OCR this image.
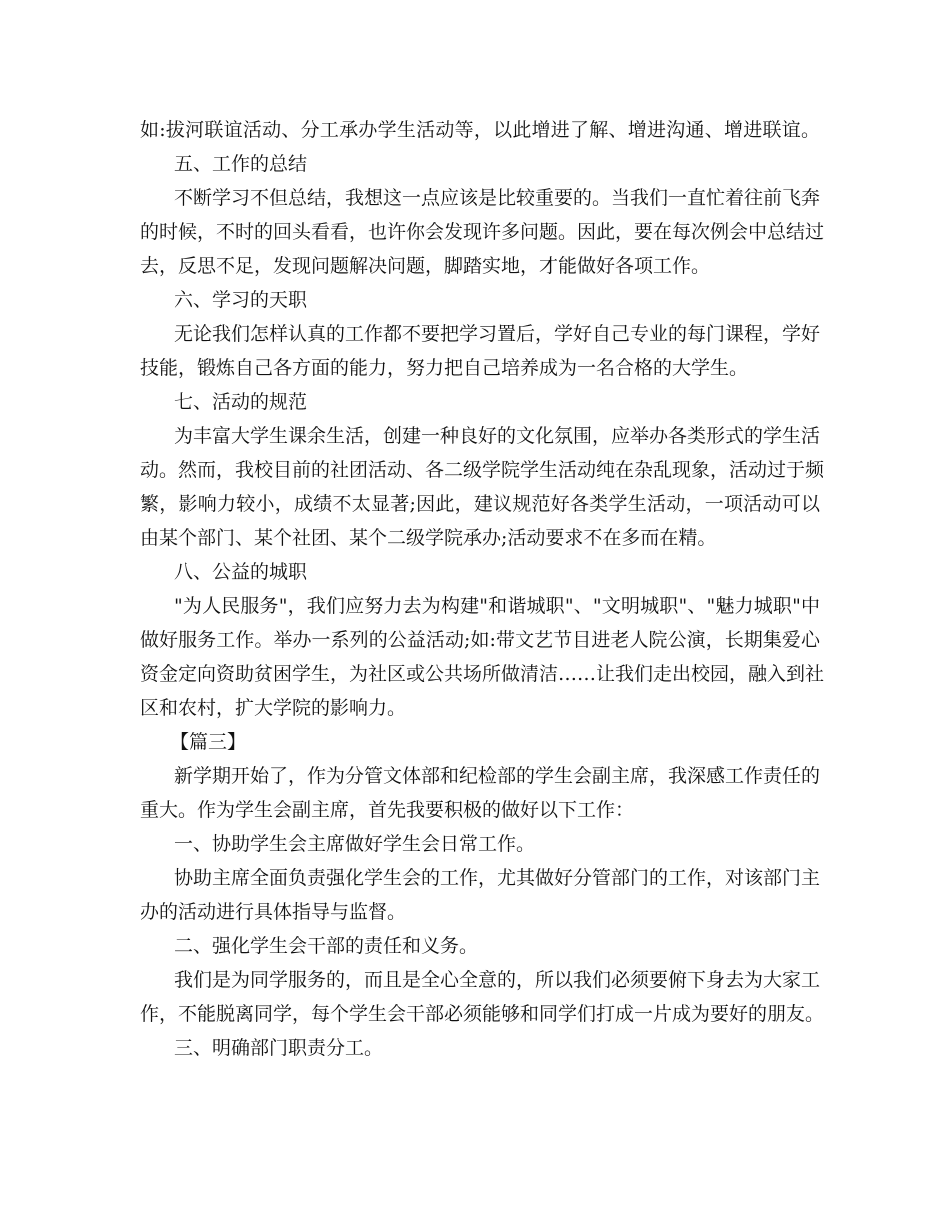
如:拔河联谊活动、分工承办学生活动等，以此增进了解、增进沟通、增进联谊。
五、工作的总结
不断学习不但总结，我想这一点应该是比较重要的。当我们一直忙着往前飞奔
的时候，不时的回头看看，也许你会发现许多问题。因此，要在每次例会中总结过
去，反思不足，发现问题解决问题，脚踏实地，才能做好各项工作。
六、学习的天职
无论我们怎样认真的工作都不要把学习置后，学好自己专业的每门课程，学好
技能，锻炼自己各方面的能力，努力把自己培养成为一名合格的大学生。
七、活动的规范
为丰富大学生课余生活，创建一种良好的文化氛围，应举办各类形式的学生活
动。然而，我校目前的社团活动、各二级学院学生活动纯在杂乱现象，活动过于频
繁，影响力较小，成绩不太显著;因此，建议规范好各类学生活动，一项活动可以
由某个部门、某个社团、某个二级学院承办;活动要求不在多而在精。
八、公益的城职
"为人民服务"，我们应努力去为构建"和谐城职"、"文明城职"、"魅力城职"中
做好服务工作。举办一系列的公益活动;如:带文艺节目进老人院公演，长期集爱心
资金定向资助贫困学生，为社区或公共场所做清洁……让我们走出校园，融入到社
区和农村，扩大学院的影响力。
【篇三】
新学期开始了，作为分管文体部和纪检部的学生会副主席，我深感工作责任的
重大。作为学生会副主席，首先我要积极的做好以下工作：
一、协助学生会主席做好学生会日常工作。
协助主席全面负责强化学生会的工作，尤其做好分管部门的工作，对该部门主
办的活动进行具体指导与监督。
二、强化学生会干部的责任和义务。
我们是为同学服务的，而且是全心全意的，所以我们必须要俯下身去为大家工
作，不能脱离同学，每个学生会干部必须能够和同学们打成一片成为要好的朋友。
三、明确部门职责分工。
